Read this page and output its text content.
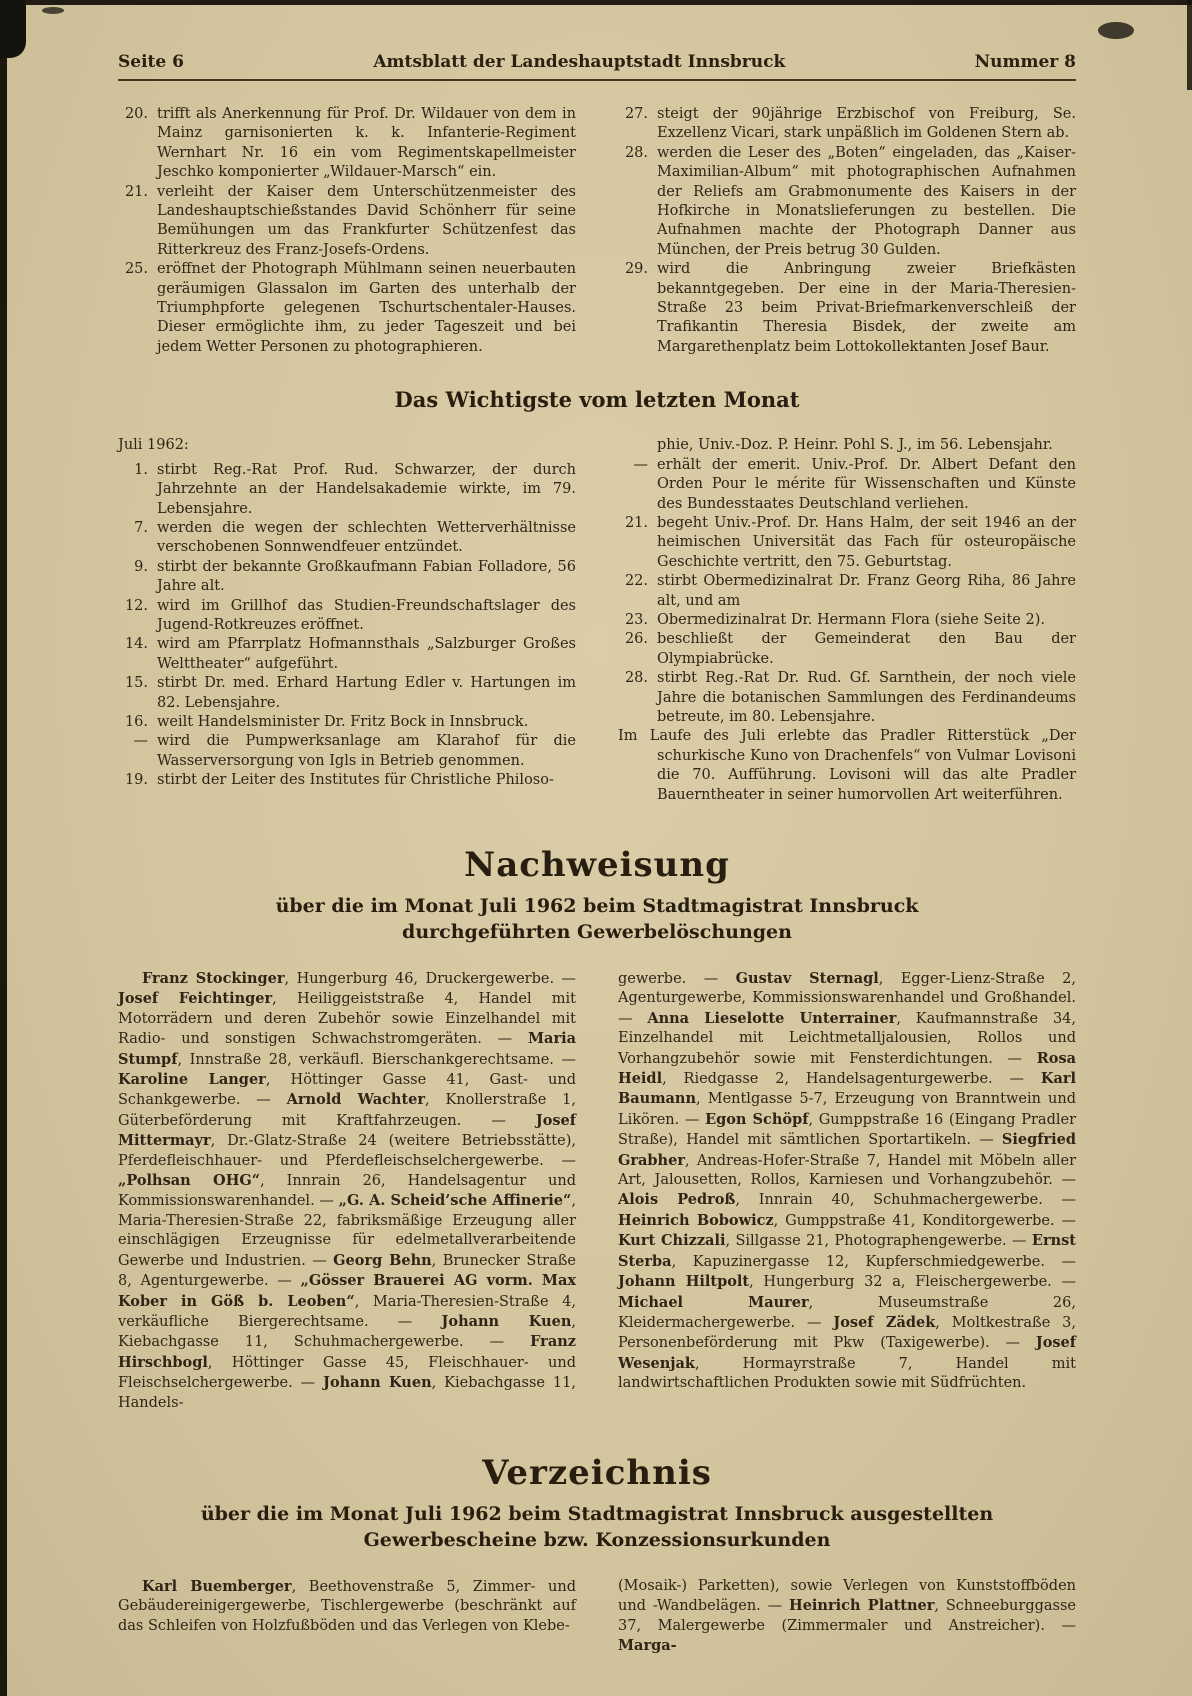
Seite 6	Amtsblatt der Landeshauptstadt Innsbruck	Nummer 8
20. trifft als Anerkennung für Prof. Dr. Wildauer von dem in Mainz garnisonierten k. k. Infanterie-Regiment Wernhart Nr. 16 ein vom Regimentskapellmeister Jeschko komponierter „Wildauer-Marsch“ ein.
21. verleiht der Kaiser dem Unterschützenmeister des Landeshauptschießstandes David Schönherr für seine Bemühungen um das Frankfurter Schützenfest das Ritterkreuz des Franz-Josefs-Ordens.
25. eröffnet der Photograph Mühlmann seinen neuerbauten geräumigen Glassalon im Garten des unterhalb der Triumphpforte gelegenen Tschurtschentaler-Hauses. Dieser ermöglichte ihm, zu jeder Tageszeit und bei jedem Wetter Personen zu photographieren.
27. steigt der 90jährige Erzbischof von Freiburg, Se. Exzellenz Vicari, stark unpäßlich im Goldenen Stern ab.
28. werden die Leser des „Boten“ eingeladen, das „Kaiser-Maximilian-Album“ mit photographischen Aufnahmen der Reliefs am Grabmonumente des Kaisers in der Hofkirche in Monatslieferungen zu bestellen. Die Aufnahmen machte der Photograph Danner aus München, der Preis betrug 30 Gulden.
29. wird die Anbringung zweier Briefkästen bekanntgegeben. Der eine in der Maria-Theresien-Straße 23 beim Privat-Briefmarkenverschleiß der Trafikantin Theresia Bisdek, der zweite am Margarethenplatz beim Lottokollektanten Josef Baur.
Das Wichtigste vom letzten Monat
Juli 1962:
1. stirbt Reg.-Rat Prof. Rud. Schwarzer, der durch Jahrzehnte an der Handelsakademie wirkte, im 79. Lebensjahre.
7. werden die wegen der schlechten Wetterverhältnisse verschobenen Sonnwendfeuer entzündet.
9. stirbt der bekannte Großkaufmann Fabian Folladore, 56 Jahre alt.
12. wird im Grillhof das Studien-Freundschaftslager des Jugend-Rotkreuzes eröffnet.
14. wird am Pfarrplatz Hofmannsthals „Salzburger Großes Welttheater“ aufgeführt.
15. stirbt Dr. med. Erhard Hartung Edler v. Hartungen im 82. Lebensjahre.
16. weilt Handelsminister Dr. Fritz Bock in Innsbruck.
— wird die Pumpwerksanlage am Klarahof für die Wasserversorgung von Igls in Betrieb genommen.
19. stirbt der Leiter des Institutes für Christliche Philoso-
phie, Univ.-Doz. P. Heinr. Pohl S. J., im 56. Lebensjahr.
— erhält der emerit. Univ.-Prof. Dr. Albert Defant den Orden Pour le mérite für Wissenschaften und Künste des Bundesstaates Deutschland verliehen.
21. begeht Univ.-Prof. Dr. Hans Halm, der seit 1946 an der heimischen Universität das Fach für osteuropäische Geschichte vertritt, den 75. Geburtstag.
22. stirbt Obermedizinalrat Dr. Franz Georg Riha, 86 Jahre alt, und am
23. Obermedizinalrat Dr. Hermann Flora (siehe Seite 2).
26. beschließt der Gemeinderat den Bau der Olympiabrücke.
28. stirbt Reg.-Rat Dr. Rud. Gf. Sarnthein, der noch viele Jahre die botanischen Sammlungen des Ferdinandeums betreute, im 80. Lebensjahre.
Im Laufe des Juli erlebte das Pradler Ritterstück „Der schurkische Kuno von Drachenfels“ von Vulmar Lovisoni die 70. Aufführung. Lovisoni will das alte Pradler Bauerntheater in seiner humorvollen Art weiterführen.
Nachweisung
über die im Monat Juli 1962 beim Stadtmagistrat Innsbruck
durchgeführten Gewerbelöschungen
Franz Stockinger, Hungerburg 46, Druckergewerbe. — Josef Feichtinger, Heiliggeiststraße 4, Handel mit Motorrädern und deren Zubehör sowie Einzelhandel mit Radio- und sonstigen Schwachstromgeräten. — Maria Stumpf, Innstraße 28, verkäufl. Bierschankgerechtsame. — Karoline Langer, Höttinger Gasse 41, Gast- und Schankgewerbe. — Arnold Wachter, Knollerstraße 1, Güterbeförderung mit Kraftfahrzeugen. — Josef Mittermayr, Dr.-Glatz-Straße 24 (weitere Betriebsstätte), Pferdefleischhauer- und Pferdefleischselchergewerbe. — „Polhsan OHG“, Innrain 26, Handelsagentur und Kommissionswarenhandel. — „G. A. Scheid’sche Affinerie“, Maria-Theresien-Straße 22, fabriksmäßige Erzeugung aller einschlägigen Erzeugnisse für edelmetallverarbeitende Gewerbe und Industrien. — Georg Behn, Brunecker Straße 8, Agenturgewerbe. — „Gösser Brauerei AG vorm. Max Kober in Göß b. Leoben“, Maria-Theresien-Straße 4, verkäufliche Biergerechtsame. — Johann Kuen, Kiebachgasse 11, Schuhmachergewerbe. — Franz Hirschbogl, Höttinger Gasse 45, Fleischhauer- und Fleischselchergewerbe. — Johann Kuen, Kiebachgasse 11, Handels-
gewerbe. — Gustav Sternagl, Egger-Lienz-Straße 2, Agenturgewerbe, Kommissionswarenhandel und Großhandel. — Anna Lieselotte Unterrainer, Kaufmannstraße 34, Einzelhandel mit Leichtmetalljalousien, Rollos und Vorhangzubehör sowie mit Fensterdichtungen. — Rosa Heidl, Riedgasse 2, Handelsagenturgewerbe. — Karl Baumann, Mentlgasse 5-7, Erzeugung von Branntwein und Likören. — Egon Schöpf, Gumppstraße 16 (Eingang Pradler Straße), Handel mit sämtlichen Sportartikeln. — Siegfried Grabher, Andreas-Hofer-Straße 7, Handel mit Möbeln aller Art, Jalousetten, Rollos, Karniesen und Vorhangzubehör. — Alois Pedroß, Innrain 40, Schuhmachergewerbe. — Heinrich Bobowicz, Gumppstraße 41, Konditorgewerbe. — Kurt Chizzali, Sillgasse 21, Photographengewerbe. — Ernst Sterba, Kapuzinergasse 12, Kupferschmiedgewerbe. — Johann Hiltpolt, Hungerburg 32 a, Fleischergewerbe. — Michael Maurer, Museumstraße 26, Kleidermachergewerbe. — Josef Zädek, Moltkestraße 3, Personenbeförderung mit Pkw (Taxigewerbe). — Josef Wesenjak, Hormayrstraße 7, Handel mit landwirtschaftlichen Produkten sowie mit Südfrüchten.
Verzeichnis
über die im Monat Juli 1962 beim Stadtmagistrat Innsbruck ausgestellten
Gewerbescheine bzw. Konzessionsurkunden
Karl Buemberger, Beethovenstraße 5, Zimmer- und Gebäudereinigergewerbe, Tischlergewerbe (beschränkt auf das Schleifen von Holzfußböden und das Verlegen von Klebe-
(Mosaik-) Parketten), sowie Verlegen von Kunststoffböden und -Wandbelägen. — Heinrich Plattner, Schneeburggasse 37, Malergewerbe (Zimmermaler und Anstreicher). — Marga-
